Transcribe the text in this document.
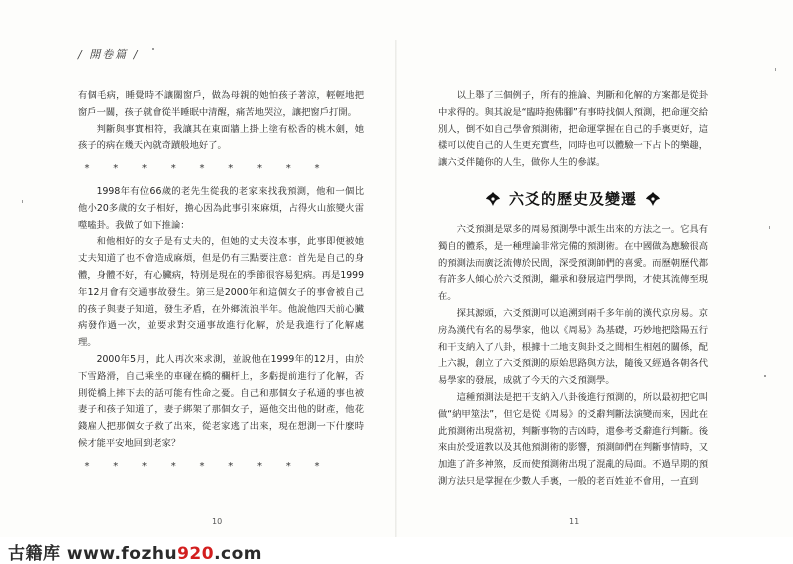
/ 開卷篇 /

有個毛病，睡覺時不讓關窗戶，做為母親的她怕孩子著涼，輕輕地把窗戶一關，孩子就會從半睡眠中清醒，痛苦地哭泣，讓把窗戶打開。

判斷與事實相符，我讓其在東面牆上掛上塗有松香的桃木劍，她孩子的病在幾天內就奇蹟般地好了。

* * * * * * * * *

1998年有位66歲的老先生從我的老家來找我預測，他和一個比他小20多歲的女子相好，擔心因為此事引來麻煩，占得火山旅變火雷噬嗑卦。我做了如下推論：

和他相好的女子是有丈夫的，但她的丈夫沒本事，此事即便被她丈夫知道了也不會造成麻煩，但是仍有三點要注意：首先是自己的身體，身體不好，有心臟病，特別是現在的季節很容易犯病。再是1999年12月會有交通事故發生。第三是2000年和這個女子的事會被自己的孩子與妻子知道，發生矛盾，在外鄉流浪半年。他說他四天前心臟病發作過一次，並要求對交通事故進行化解，於是我進行了化解處理。

2000年5月，此人再次來求測，並說他在1999年的12月，由於下雪路滑，自己乘坐的車碰在橋的欄杆上，多虧提前進行了化解，否則從橋上摔下去的話可能有性命之憂。自己和那個女子私通的事也被妻子和孩子知道了，妻子綁架了那個女子，逼他交出他的財產，他花錢雇人把那個女子救了出來，從老家逃了出來，現在想測一下什麼時候才能平安地回到老家？

* * * * * * * * *

以上舉了三個例子，所有的推論、判斷和化解的方案都是從卦中求得的。與其說是“臨時抱佛腳”有事時找個人預測，把命運交給別人，倒不如自己學會預測術，把命運掌握在自己的手裏更好，這樣可以使自己的人生更充實些，同時也可以體驗一下占卜的樂趣，讓六爻伴隨你的人生，做你人生的參謀。

六爻的歷史及變遷

六爻預測是眾多的周易預測學中派生出來的方法之一。它具有獨自的體系，是一種理論非常完備的預測術。在中國做為應驗很高的預測法而廣泛流傳於民間，深受預測師們的喜愛。而歷朝歷代都有許多人傾心於六爻預測，繼承和發展這門學問，才使其流傳至現在。

探其源頭，六爻預測可以追溯到兩千多年前的漢代京房易。京房為漢代有名的易學家，他以《周易》為基礎，巧妙地把陰陽五行和干支納入了八卦，根據十二地支與卦爻之間相生相剋的關係，配上六親，創立了六爻預測的原始思路與方法，隨後又經過各朝各代易學家的發展，成就了今天的六爻預測學。

這種預測法是把干支納入八卦後進行預測的，所以最初把它叫做“納甲筮法”，但它是從《周易》的爻辭判斷法演變而來，因此在此預測術出現當初，判斷事物的吉凶時，還參考爻辭進行判斷。後來由於受道教以及其他預測術的影響，預測師們在判斷事情時，又加進了許多神煞，反而使預測術出現了混亂的局面。不過早期的預測方法只是掌握在少數人手裏，一般的老百姓並不會用，一直到

10	11
古籍库 www.fozhu920.com
